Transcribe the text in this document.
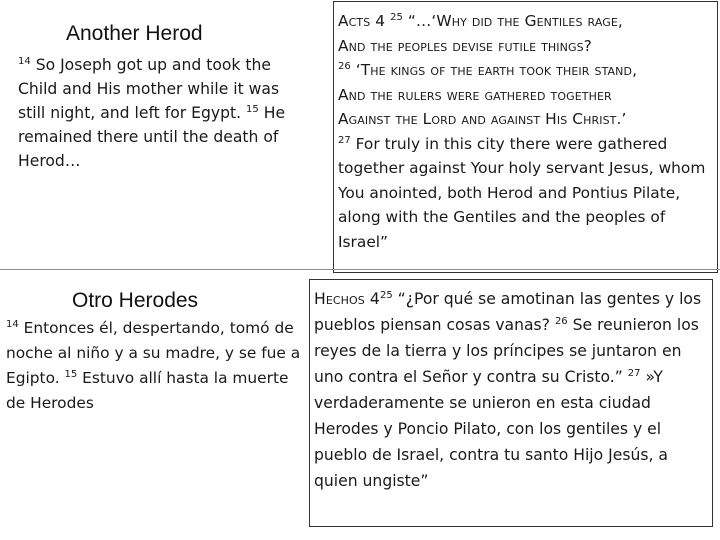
Another Herod

$^{14}$ So Joseph got up and took the Child and His mother while it was still night, and left for Egypt. $^{15}$ He remained there until the death of Herod…

Acts 4 $^{25}$ “…‘Why did the Gentiles rage,
And the peoples devise futile things?
$^{26}$ ‘The kings of the earth took their stand,
And the rulers were gathered together
Against the Lord and against His Christ.’
$^{27}$ For truly in this city there were gathered together against Your holy servant Jesus, whom You anointed, both Herod and Pontius Pilate, along with the Gentiles and the peoples of Israel”
Otro Herodes

$^{14}$ Entonces él, despertando, tomó de noche al niño y a su madre, y se fue a Egipto. $^{15}$ Estuvo allí hasta la muerte de Herodes

Hechos $4^{25}$ “¿Por qué se amotinan las gentes y los pueblos piensan cosas vanas? $^{26}$ Se reunieron los reyes de la tierra y los príncipes se juntaron en uno contra el Señor y contra su Cristo.” $^{27}$ »Y verdaderamente se unieron en esta ciudad Herodes y Poncio Pilato, con los gentiles y el pueblo de Israel, contra tu santo Hijo Jesús, a quien ungiste”
